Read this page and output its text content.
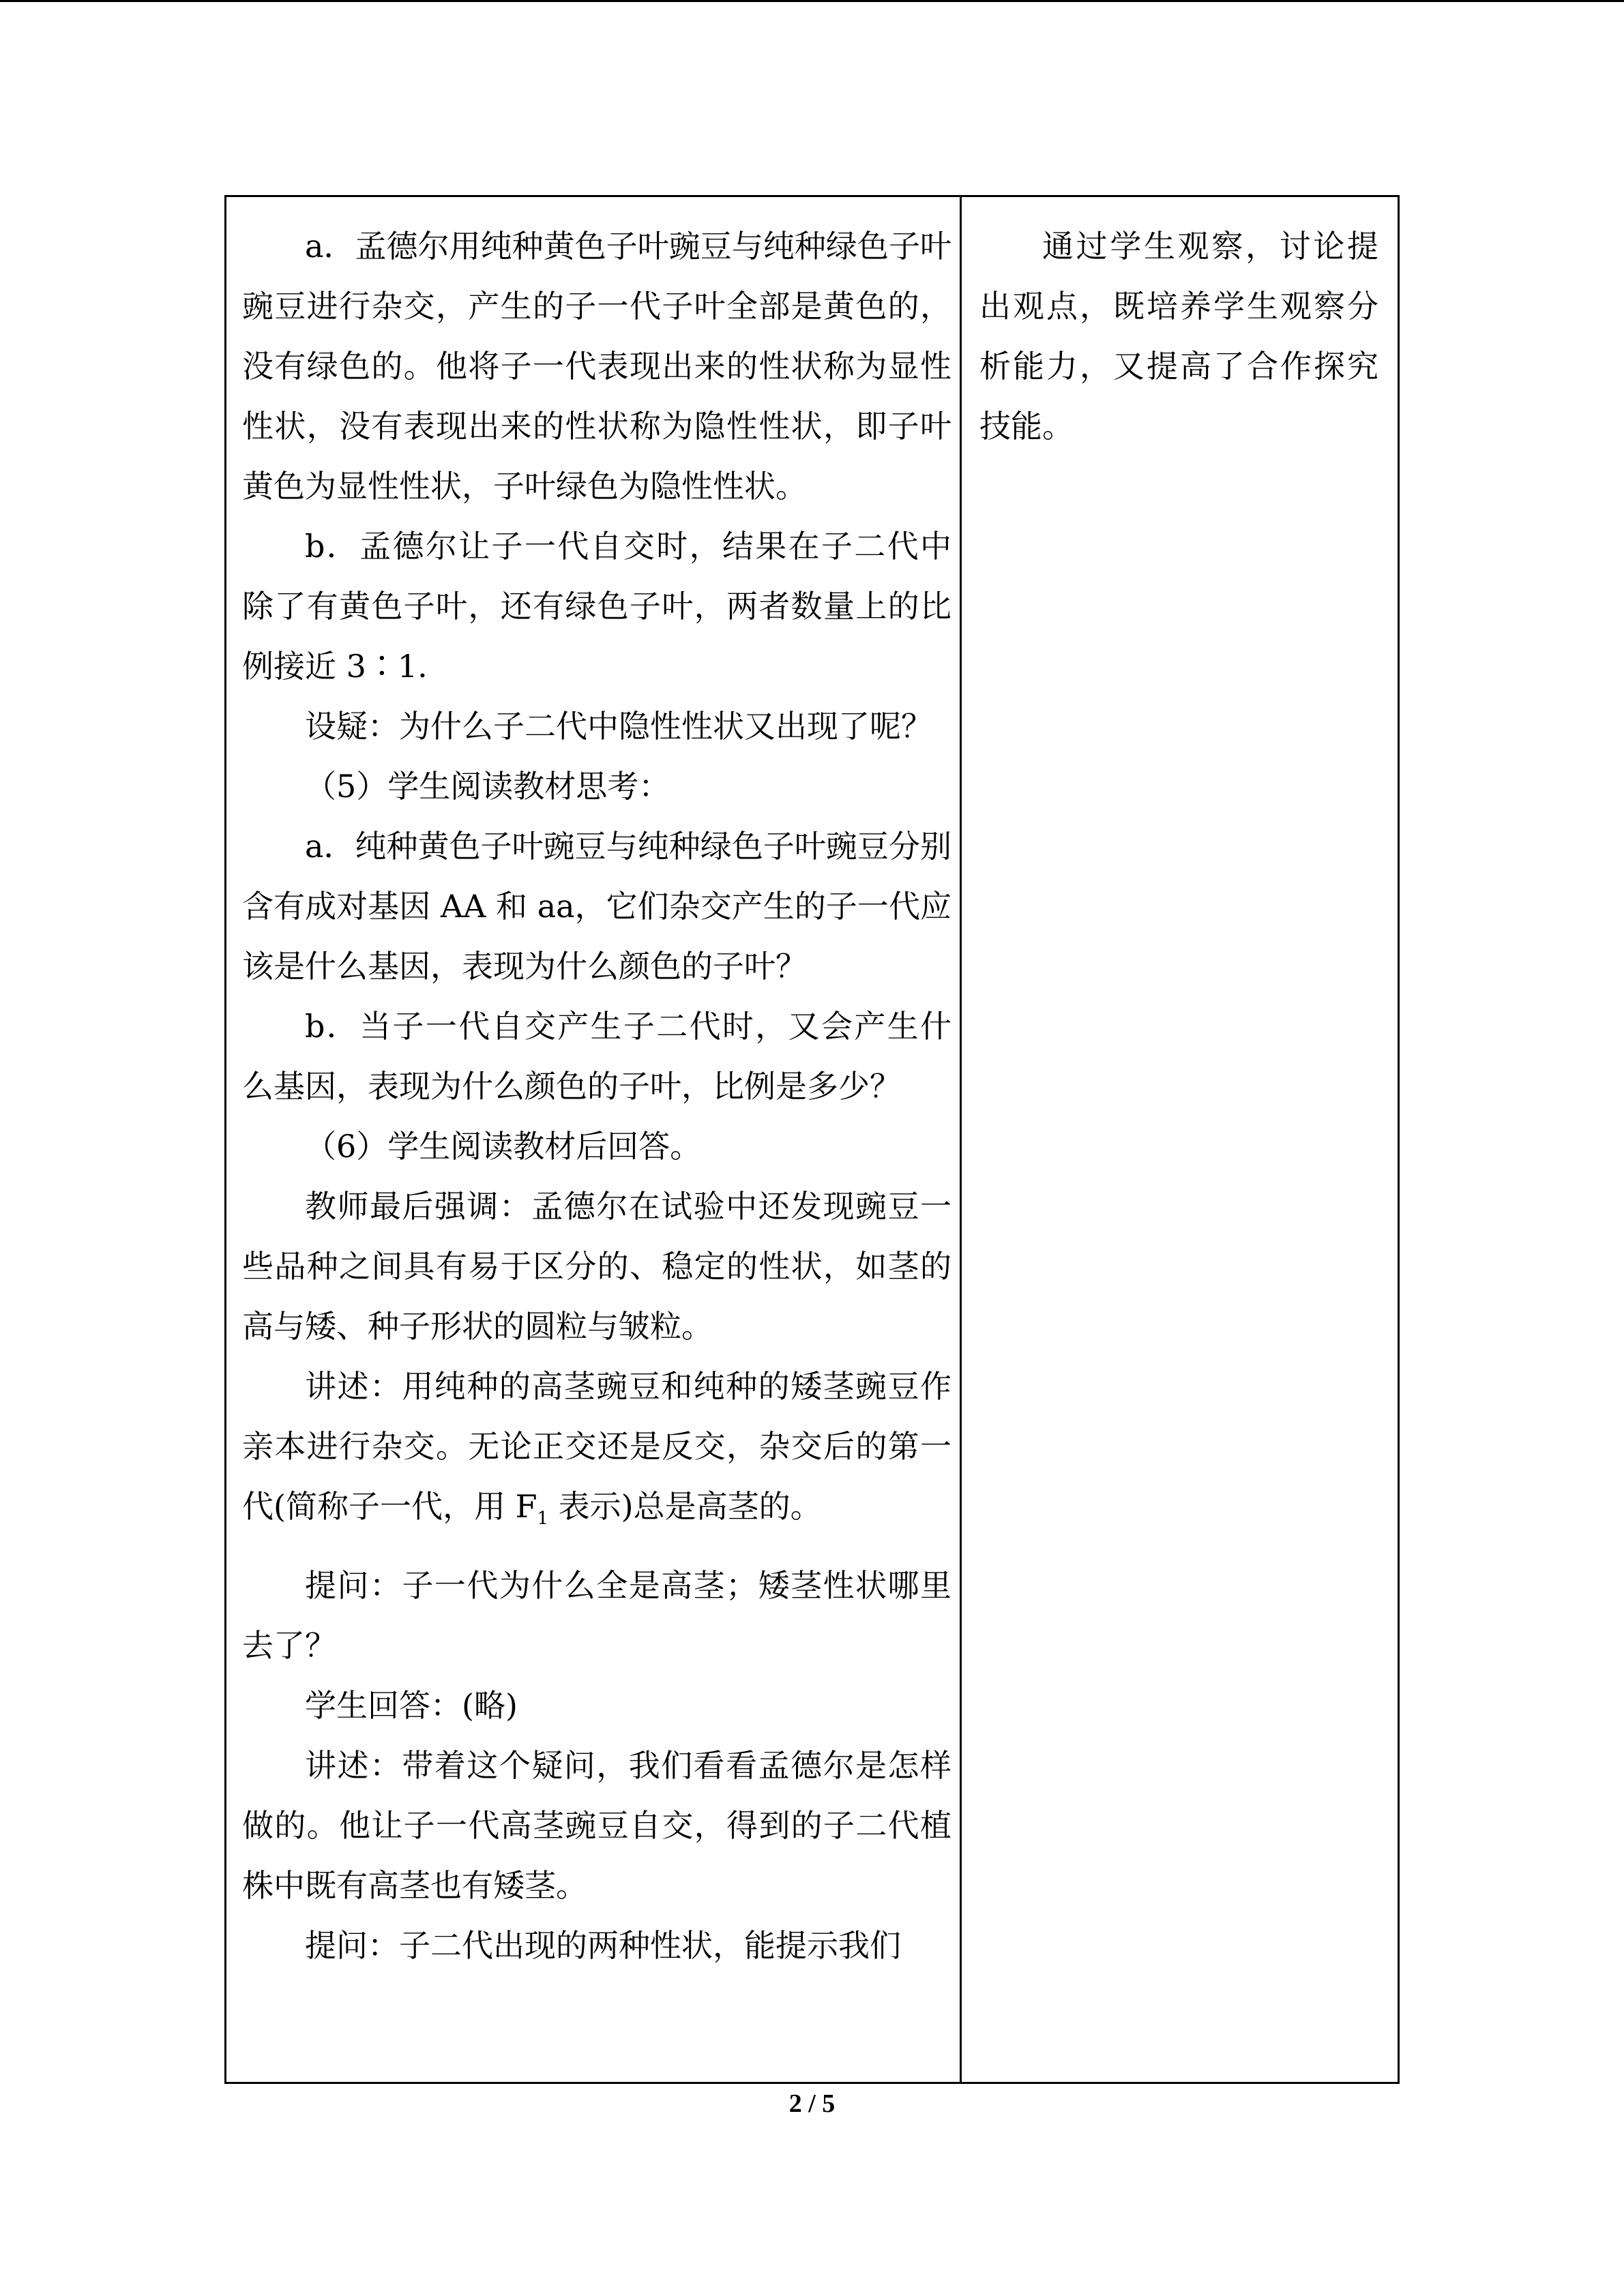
a．孟德尔用纯种黄色子叶豌豆与纯种绿色子叶豌豆进行杂交，产生的子一代子叶全部是黄色的，没有绿色的。他将子一代表现出来的性状称为显性性状，没有表现出来的性状称为隐性性状，即子叶黄色为显性性状，子叶绿色为隐性性状。

b．孟德尔让子一代自交时，结果在子二代中除了有黄色子叶，还有绿色子叶，两者数量上的比例接近 3∶1.

设疑：为什么子二代中隐性性状又出现了呢？

（5）学生阅读教材思考：

a．纯种黄色子叶豌豆与纯种绿色子叶豌豆分别含有成对基因 AA 和 aa，它们杂交产生的子一代应该是什么基因，表现为什么颜色的子叶？

b．当子一代自交产生子二代时，又会产生什么基因，表现为什么颜色的子叶，比例是多少？

（6）学生阅读教材后回答。

教师最后强调：孟德尔在试验中还发现豌豆一些品种之间具有易于区分的、稳定的性状，如茎的高与矮、种子形状的圆粒与皱粒。

讲述：用纯种的高茎豌豆和纯种的矮茎豌豆作亲本进行杂交。无论正交还是反交，杂交后的第一代(简称子一代，用 $F_1$ 表示)总是高茎的。

提问：子一代为什么全是高茎；矮茎性状哪里去了？

学生回答：(略)

讲述：带着这个疑问，我们看看孟德尔是怎样做的。他让子一代高茎豌豆自交，得到的子二代植株中既有高茎也有矮茎。

提问：子二代出现的两种性状，能提示我们

通过学生观察，讨论提出观点，既培养学生观察分析能力，又提高了合作探究技能。

2 / 5
